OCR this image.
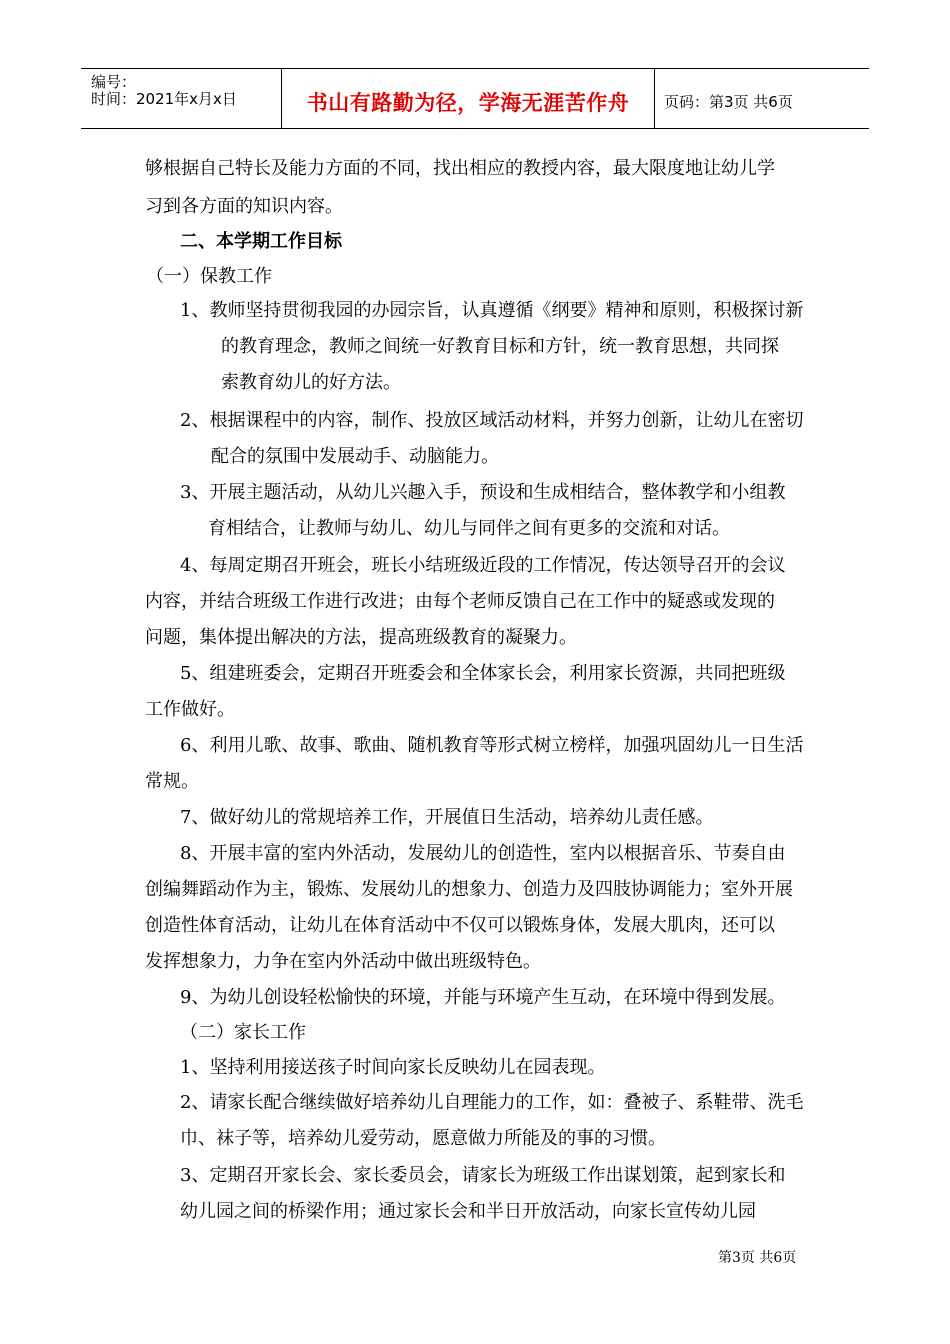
编号：
时间：2021年x月x日	书山有路勤为径，学海无涯苦作舟	页码：第3页 共6页
够根据自己特长及能力方面的不同，找出相应的教授内容，最大限度地让幼儿学
习到各方面的知识内容。
二、本学期工作目标
（一）保教工作
1、教师坚持贯彻我园的办园宗旨，认真遵循《纲要》精神和原则，积极探讨新
的教育理念，教师之间统一好教育目标和方针，统一教育思想，共同探
索教育幼儿的好方法。
2、根据课程中的内容，制作、投放区域活动材料，并努力创新，让幼儿在密切
配合的氛围中发展动手、动脑能力。
3、开展主题活动，从幼儿兴趣入手，预设和生成相结合，整体教学和小组教
育相结合，让教师与幼儿、幼儿与同伴之间有更多的交流和对话。
4、每周定期召开班会，班长小结班级近段的工作情况，传达领导召开的会议
内容，并结合班级工作进行改进；由每个老师反馈自己在工作中的疑惑或发现的
问题，集体提出解决的方法，提高班级教育的凝聚力。
5、组建班委会，定期召开班委会和全体家长会，利用家长资源，共同把班级
工作做好。
6、利用儿歌、故事、歌曲、随机教育等形式树立榜样，加强巩固幼儿一日生活
常规。
7、做好幼儿的常规培养工作，开展值日生活动，培养幼儿责任感。
8、开展丰富的室内外活动，发展幼儿的创造性，室内以根据音乐、节奏自由
创编舞蹈动作为主，锻炼、发展幼儿的想象力、创造力及四肢协调能力；室外开展
创造性体育活动，让幼儿在体育活动中不仅可以锻炼身体，发展大肌肉，还可以
发挥想象力，力争在室内外活动中做出班级特色。
9、为幼儿创设轻松愉快的环境，并能与环境产生互动，在环境中得到发展。
（二）家长工作
1、坚持利用接送孩子时间向家长反映幼儿在园表现。
2、请家长配合继续做好培养幼儿自理能力的工作，如：叠被子、系鞋带、洗毛
巾、袜子等，培养幼儿爱劳动，愿意做力所能及的事的习惯。
3、定期召开家长会、家长委员会，请家长为班级工作出谋划策，起到家长和
幼儿园之间的桥梁作用；通过家长会和半日开放活动，向家长宣传幼儿园
第3页 共6页
